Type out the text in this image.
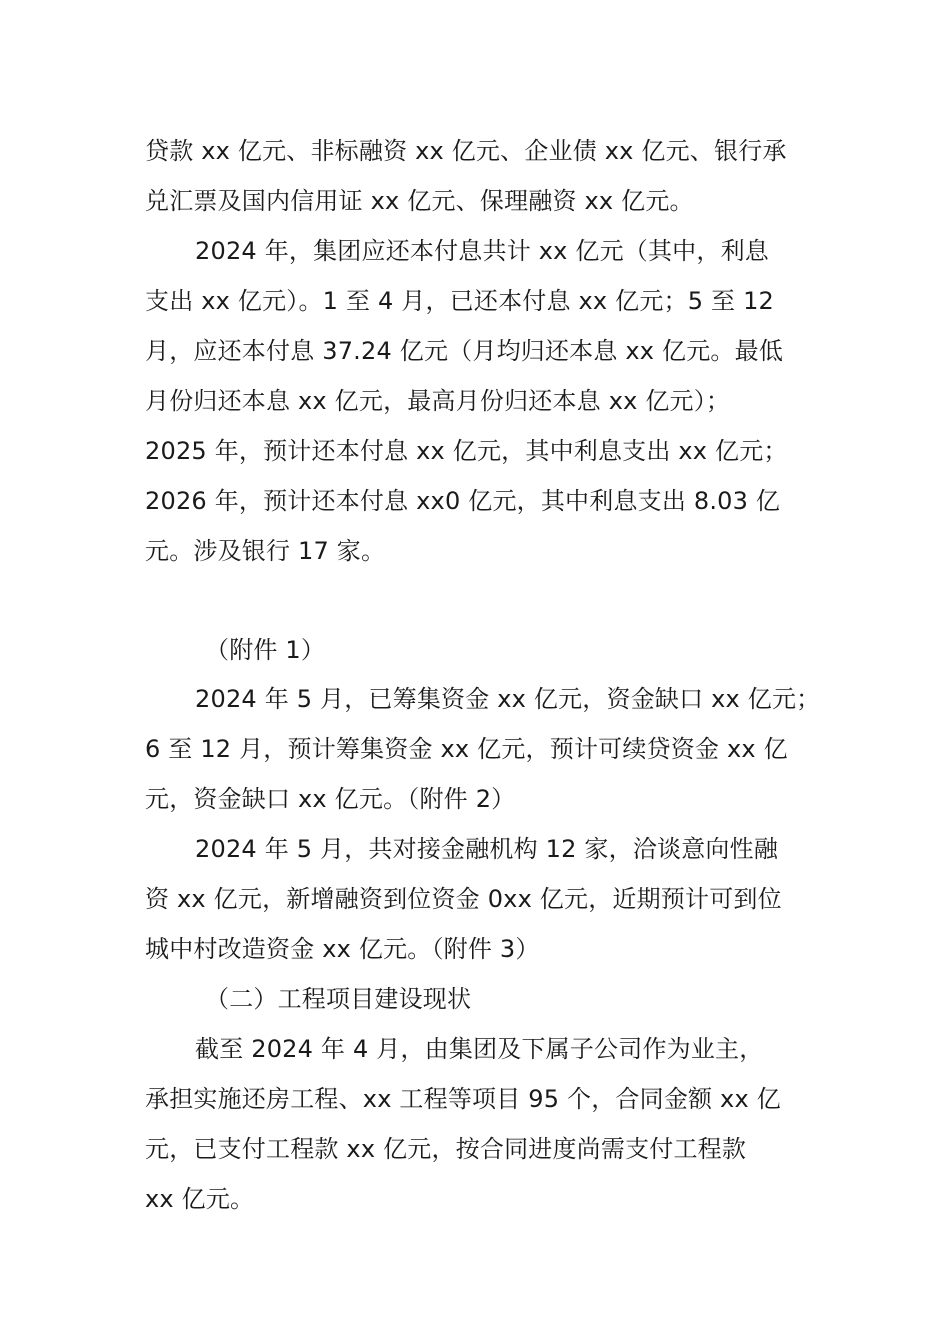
贷款 xx 亿元、非标融资 xx 亿元、企业债 xx 亿元、银行承
兑汇票及国内信用证 xx 亿元、保理融资 xx 亿元。
2024 年，集团应还本付息共计 xx 亿元（其中，利息
支出 xx 亿元）。1 至 4 月，已还本付息 xx 亿元；5 至 12
月，应还本付息 37.24 亿元（月均归还本息 xx 亿元。最低
月份归还本息 xx 亿元，最高月份归还本息 xx 亿元）；
2025 年，预计还本付息 xx 亿元，其中利息支出 xx 亿元；
2026 年，预计还本付息 xx0 亿元，其中利息支出 8.03 亿
元。涉及银行 17 家。
（附件 1）
2024 年 5 月，已筹集资金 xx 亿元，资金缺口 xx 亿元；
6 至 12 月，预计筹集资金 xx 亿元，预计可续贷资金 xx 亿
元，资金缺口 xx 亿元。（附件 2）
2024 年 5 月，共对接金融机构 12 家，洽谈意向性融
资 xx 亿元，新增融资到位资金 0xx 亿元，近期预计可到位
城中村改造资金 xx 亿元。（附件 3）
（二）工程项目建设现状
截至 2024 年 4 月，由集团及下属子公司作为业主，
承担实施还房工程、xx 工程等项目 95 个，合同金额 xx 亿
元，已支付工程款 xx 亿元，按合同进度尚需支付工程款
xx 亿元。
